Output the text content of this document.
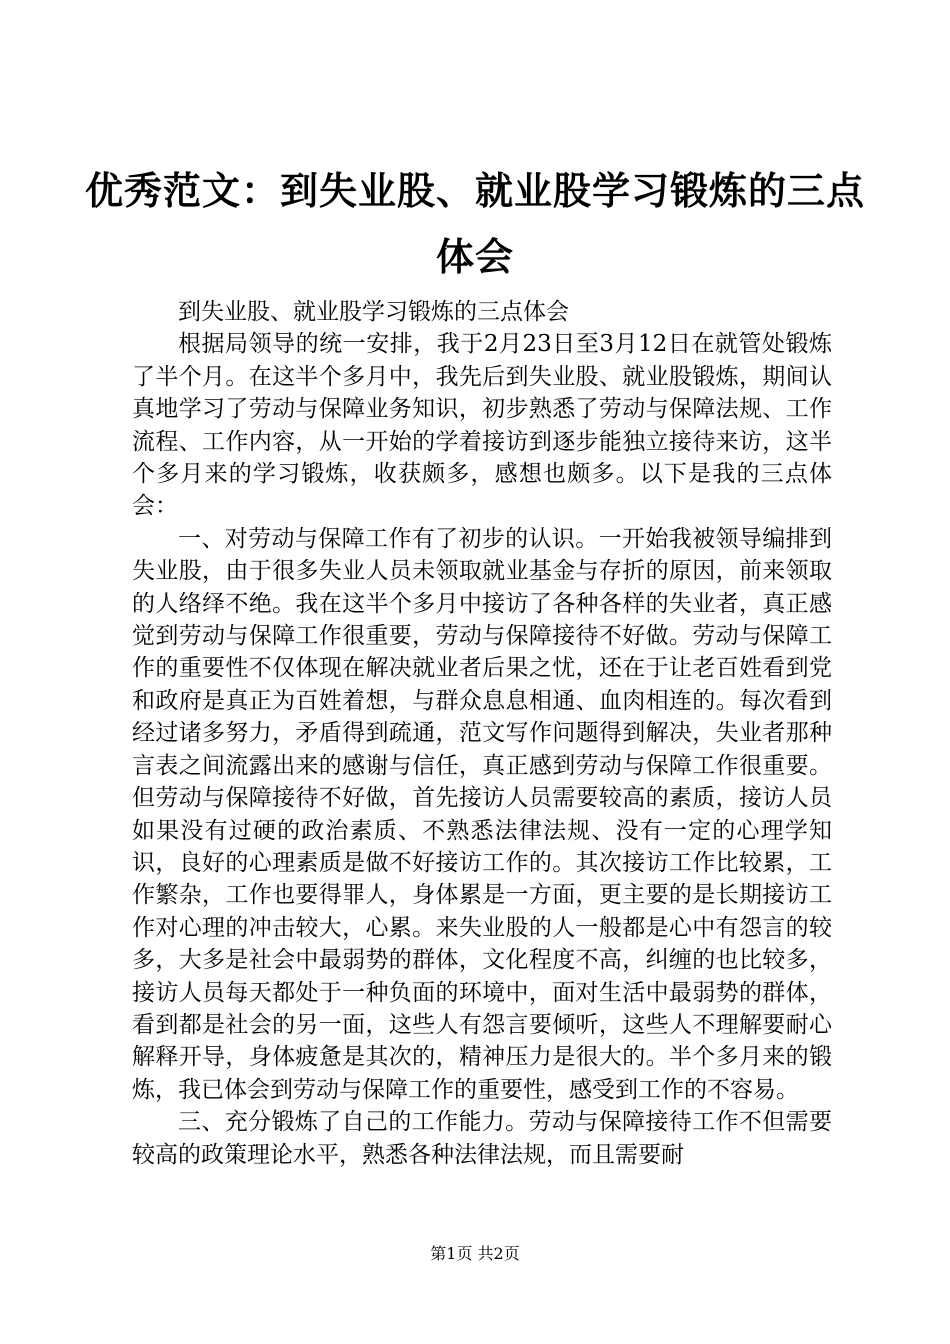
优秀范文：到失业股、就业股学习锻炼的三点
体会

到失业股、就业股学习锻炼的三点体会

根据局领导的统一安排，我于2月23日至3月12日在就管处锻炼了半个月。在这半个多月中，我先后到失业股、就业股锻炼，期间认真地学习了劳动与保障业务知识，初步熟悉了劳动与保障法规、工作流程、工作内容，从一开始的学着接访到逐步能独立接待来访，这半个多月来的学习锻炼，收获颇多，感想也颇多。以下是我的三点体会：

一、对劳动与保障工作有了初步的认识。一开始我被领导编排到失业股，由于很多失业人员未领取就业基金与存折的原因，前来领取的人络绎不绝。我在这半个多月中接访了各种各样的失业者，真正感觉到劳动与保障工作很重要，劳动与保障接待不好做。劳动与保障工作的重要性不仅体现在解决就业者后果之忧，还在于让老百姓看到党和政府是真正为百姓着想，与群众息息相通、血肉相连的。每次看到经过诸多努力，矛盾得到疏通，范文写作问题得到解决，失业者那种言表之间流露出来的感谢与信任，真正感到劳动与保障工作很重要。但劳动与保障接待不好做，首先接访人员需要较高的素质，接访人员如果没有过硬的政治素质、不熟悉法律法规、没有一定的心理学知识，良好的心理素质是做不好接访工作的。其次接访工作比较累，工作繁杂，工作也要得罪人，身体累是一方面，更主要的是长期接访工作对心理的冲击较大，心累。来失业股的人一般都是心中有怨言的较多，大多是社会中最弱势的群体，文化程度不高，纠缠的也比较多，接访人员每天都处于一种负面的环境中，面对生活中最弱势的群体，看到都是社会的另一面，这些人有怨言要倾听，这些人不理解要耐心解释开导，身体疲惫是其次的，精神压力是很大的。半个多月来的锻炼，我已体会到劳动与保障工作的重要性，感受到工作的不容易。

三、充分锻炼了自己的工作能力。劳动与保障接待工作不但需要较高的政策理论水平，熟悉各种法律法规，而且需要耐

第1页 共2页
